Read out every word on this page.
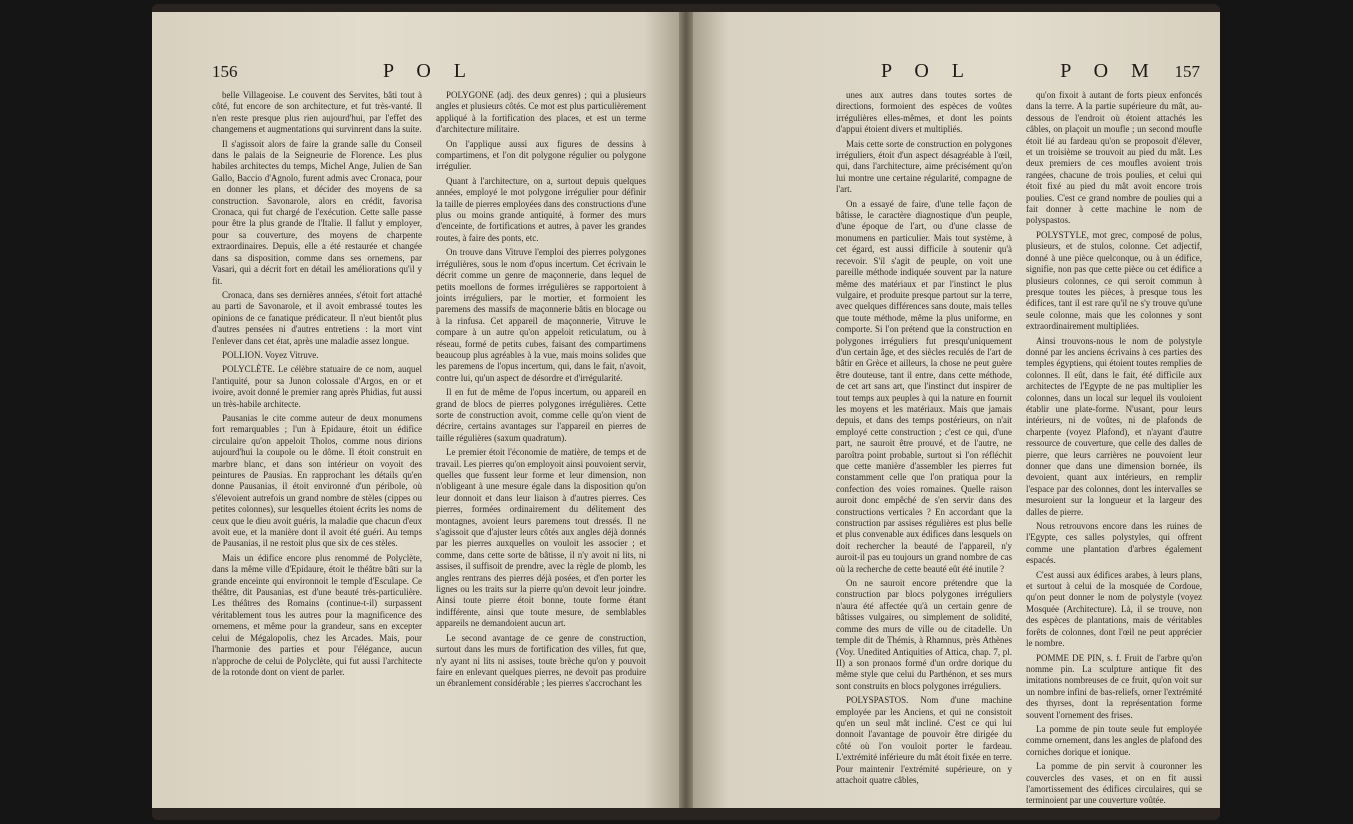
156	P O L

belle Villageoise. Le couvent des Servites, bâti tout à côté, fut encore de son architecture, et fut très-vanté. Il n'en reste presque plus rien aujourd'hui, par l'effet des changemens et augmentations qui survinrent dans la suite.

Il s'agissoit alors de faire la grande salle du Conseil dans le palais de la Seigneurie de Florence. Les plus habiles architectes du temps, Michel Ange, Julien de San Gallo, Baccio d'Agnolo, furent admis avec Cronaca, pour en donner les plans, et décider des moyens de sa construction. Savonarole, alors en crédit, favorisa Cronaca, qui fut chargé de l'exécution. Cette salle passe pour être la plus grande de l'Italie. Il fallut y employer, pour sa couverture, des moyens de charpente extraordinaires. Depuis, elle a été restaurée et changée dans sa disposition, comme dans ses ornemens, par Vasari, qui a décrit fort en détail les améliorations qu'il y fit.

Cronaca, dans ses dernières années, s'étoit fort attaché au parti de Savonarole, et il avoit embrassé toutes les opinions de ce fanatique prédicateur. Il n'eut bientôt plus d'autres pensées ni d'autres entretiens : la mort vint l'enlever dans cet état, après une maladie assez longue.

POLLION. Voyez Vitruve.

POLYCLÈTE. Le célèbre statuaire de ce nom, auquel l'antiquité, pour sa Junon colossale d'Argos, en or et ivoire, avoit donné le premier rang après Phidias, fut aussi un très-habile architecte.

Pausanias le cite comme auteur de deux monumens fort remarquables ; l'un à Epidaure, étoit un édifice circulaire qu'on appeloit Tholos, comme nous dirions aujourd'hui la coupole ou le dôme. Il étoit construit en marbre blanc, et dans son intérieur on voyoit des peintures de Pausias. En rapprochant les détails qu'en donne Pausanias, il étoit environné d'un péribole, où s'élevoient autrefois un grand nombre de stèles (cippes ou petites colonnes), sur lesquelles étoient écrits les noms de ceux que le dieu avoit guéris, la maladie que chacun d'eux avoit eue, et la manière dont il avoit été guéri. Au temps de Pausanias, il ne restoit plus que six de ces stèles.

Mais un édifice encore plus renommé de Polyclète, dans la même ville d'Epidaure, étoit le théâtre bâti sur la grande enceinte qui environnoit le temple d'Esculape. Ce théâtre, dit Pausanias, est d'une beauté très-particulière. Les théâtres des Romains (continue-t-il) surpassent véritablement tous les autres pour la magnificence des ornemens, et même pour la grandeur, sans en excepter celui de Mégalopolis, chez les Arcades. Mais, pour l'harmonie des parties et pour l'élégance, aucun n'approche de celui de Polyclète, qui fut aussi l'architecte de la rotonde dont on vient de parler.

POLYGONE (adj. des deux genres) ; qui a plusieurs angles et plusieurs côtés. Ce mot est plus particulièrement appliqué à la fortification des places, et est un terme d'architecture militaire.

On l'applique aussi aux figures de dessins à compartimens, et l'on dit polygone régulier ou polygone irrégulier.

Quant à l'architecture, on a, surtout depuis quelques années, employé le mot polygone irrégulier pour définir la taille de pierres employées dans des constructions d'une plus ou moins grande antiquité, à former des murs d'enceinte, de fortifications et autres, à paver les grandes routes, à faire des ponts, etc.

On trouve dans Vitruve l'emploi des pierres polygones irrégulières, sous le nom d'opus incertum. Cet écrivain le décrit comme un genre de maçonnerie, dans lequel de petits moellons de formes irrégulières se rapportoient à joints irréguliers, par le mortier, et formoient les paremens des massifs de maçonnerie bâtis en blocage ou à la rinfusa. Cet appareil de maçonnerie, Vitruve le compare à un autre qu'on appeloit reticulatum, ou à réseau, formé de petits cubes, faisant des compartimens beaucoup plus agréables à la vue, mais moins solides que les paremens de l'opus incertum, qui, dans le fait, n'avoit, contre lui, qu'un aspect de désordre et d'irrégularité.

Il en fut de même de l'opus incertum, ou appareil en grand de blocs de pierres polygones irrégulières. Cette sorte de construction avoit, comme celle qu'on vient de décrire, certains avantages sur l'appareil en pierres de taille régulières (saxum quadratum).

Le premier étoit l'économie de matière, de temps et de travail. Les pierres qu'on employoit ainsi pouvoient servir, quelles que fussent leur forme et leur dimension, non n'obligeant à une mesure égale dans la disposition qu'on leur donnoit et dans leur liaison à d'autres pierres. Ces pierres, formées ordinairement du délitement des montagnes, avoient leurs paremens tout dressés. Il ne s'agissoit que d'ajuster leurs côtés aux angles déjà donnés par les pierres auxquelles on vouloit les associer ; et comme, dans cette sorte de bâtisse, il n'y avoit ni lits, ni assises, il suffisoit de prendre, avec la règle de plomb, les angles rentrans des pierres déjà posées, et d'en porter les lignes ou les traits sur la pierre qu'on devoit leur joindre. Ainsi toute pierre étoit bonne, toute forme étant indifférente, ainsi que toute mesure, de semblables appareils ne demandoient aucun art.

Le second avantage de ce genre de construction, surtout dans les murs de fortification des villes, fut que, n'y ayant ni lits ni assises, toute brèche qu'on y pouvoit faire en enlevant quelques pierres, ne devoit pas produire un ébranlement considérable ; les pierres s'accrochant les

P O L	P O M 157

unes aux autres dans toutes sortes de directions, formoient des espèces de voûtes irrégulières elles-mêmes, et dont les points d'appui étoient divers et multipliés.

Mais cette sorte de construction en polygones irréguliers, étoit d'un aspect désagréable à l'œil, qui, dans l'architecture, aime précisément qu'on lui montre une certaine régularité, compagne de l'art.

On a essayé de faire, d'une telle façon de bâtisse, le caractère diagnostique d'un peuple, d'une époque de l'art, ou d'une classe de monumens en particulier. Mais tout système, à cet égard, est aussi difficile à soutenir qu'à recevoir. S'il s'agit de peuple, on voit une pareille méthode indiquée souvent par la nature même des matériaux et par l'instinct le plus vulgaire, et produite presque partout sur la terre, avec quelques différences sans doute, mais telles que toute méthode, même la plus uniforme, en comporte. Si l'on prétend que la construction en polygones irréguliers fut presqu'uniquement d'un certain âge, et des siècles reculés de l'art de bâtir en Grèce et ailleurs, la chose ne peut guère être douteuse, tant il entre, dans cette méthode, de cet art sans art, que l'instinct dut inspirer de tout temps aux peuples à qui la nature en fournit les moyens et les matériaux. Mais que jamais depuis, et dans des temps postérieurs, on n'ait employé cette construction ; c'est ce qui, d'une part, ne sauroit être prouvé, et de l'autre, ne paroîtra point probable, surtout si l'on réfléchit que cette manière d'assembler les pierres fut constamment celle que l'on pratiqua pour la confection des voies romaines. Quelle raison auroit donc empêché de s'en servir dans des constructions verticales ? En accordant que la construction par assises régulières est plus belle et plus convenable aux édifices dans lesquels on doit rechercher la beauté de l'appareil, n'y auroit-il pas eu toujours un grand nombre de cas où la recherche de cette beauté eût été inutile ?

On ne sauroit encore prétendre que la construction par blocs polygones irréguliers n'aura été affectée qu'à un certain genre de bâtisses vulgaires, ou simplement de solidité, comme des murs de ville ou de citadelle. Un temple dit de Thémis, à Rhamnus, près Athènes (Voy. Unedited Antiquities of Attica, chap. 7, pl. II) a son pronaos formé d'un ordre dorique du même style que celui du Parthénon, et ses murs sont construits en blocs polygones irréguliers.

POLYSPASTOS. Nom d'une machine employée par les Anciens, et qui ne consistoit qu'en un seul mât incliné. C'est ce qui lui donnoit l'avantage de pouvoir être dirigée du côté où l'on vouloit porter le fardeau. L'extrémité inférieure du mât étoit fixée en terre. Pour maintenir l'extrémité supérieure, on y attachoit quatre câbles,

qu'on fixoit à autant de forts pieux enfoncés dans la terre. A la partie supérieure du mât, au-dessous de l'endroit où étoient attachés les câbles, on plaçoit un moufle ; un second moufle étoit lié au fardeau qu'on se proposoit d'élever, et un troisième se trouvoit au pied du mât. Les deux premiers de ces moufles avoient trois rangées, chacune de trois poulies, et celui qui étoit fixé au pied du mât avoit encore trois poulies. C'est ce grand nombre de poulies qui a fait donner à cette machine le nom de polyspastos.

POLYSTYLE, mot grec, composé de polus, plusieurs, et de stulos, colonne. Cet adjectif, donné à une pièce quelconque, ou à un édifice, signifie, non pas que cette pièce ou cet édifice a plusieurs colonnes, ce qui seroit commun à presque toutes les pièces, à presque tous les édifices, tant il est rare qu'il ne s'y trouve qu'une seule colonne, mais que les colonnes y sont extraordinairement multipliées.

Ainsi trouvons-nous le nom de polystyle donné par les anciens écrivains à ces parties des temples égyptiens, qui étoient toutes remplies de colonnes. Il eût, dans le fait, été difficile aux architectes de l'Egypte de ne pas multiplier les colonnes, dans un local sur lequel ils vouloient établir une plate-forme. N'usant, pour leurs intérieurs, ni de voûtes, ni de plafonds de charpente (voyez Plafond), et n'ayant d'autre ressource de couverture, que celle des dalles de pierre, que leurs carrières ne pouvoient leur donner que dans une dimension bornée, ils devoient, quant aux intérieurs, en remplir l'espace par des colonnes, dont les intervalles se mesuroient sur la longueur et la largeur des dalles de pierre.

Nous retrouvons encore dans les ruines de l'Egypte, ces salles polystyles, qui offrent comme une plantation d'arbres également espacés.

C'est aussi aux édifices arabes, à leurs plans, et surtout à celui de la mosquée de Cordoue, qu'on peut donner le nom de polystyle (voyez Mosquée (Architecture). Là, il se trouve, non des espèces de plantations, mais de véritables forêts de colonnes, dont l'œil ne peut apprécier le nombre.

POMME DE PIN, s. f. Fruit de l'arbre qu'on nomme pin. La sculpture antique fit des imitations nombreuses de ce fruit, qu'on voit sur un nombre infini de bas-reliefs, orner l'extrémité des thyrses, dont la représentation forme souvent l'ornement des frises.

La pomme de pin toute seule fut employée comme ornement, dans les angles de plafond des corniches dorique et ionique.

La pomme de pin servit à couronner les couvercles des vases, et on en fit aussi l'amortissement des édifices circulaires, qui se terminoient par une couverture voûtée.
